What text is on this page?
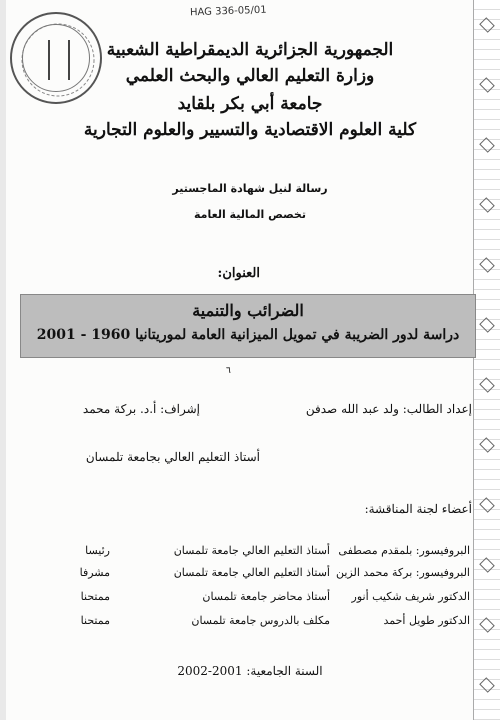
HAG 336-05/01
الجمهورية الجزائرية الديمقراطية الشعبية
وزارة التعليم العالي والبحث العلمي
جامعة أبي بكر بلقايد
كلية العلوم الاقتصادية والتسيير والعلوم التجارية
رسالة لنيل شهادة الماجستير
تخصص المالية العامة
العنوان:
الضرائب والتنمية
دراسة لدور الضريبة في تمويل الميزانية العامة لموريتانيا 1960 - 2001
٦
إعداد الطالب: ولد عبد الله صدفن
إشراف: أ.د. بركة محمد
أستاذ التعليم العالي بجامعة تلمسان
أعضاء لجنة المناقشة:
البروفيسور: بلمقدم مصطفى
أستاذ التعليم العالي جامعة تلمسان
رئيسا
البروفيسور: بركة محمد الزين
أستاذ التعليم العالي جامعة تلمسان
مشرفا
الدكتور شريف شكيب أنور
أستاذ محاضر جامعة تلمسان
ممتحنا
الدكتور طويل أحمد
مكلف بالدروس جامعة تلمسان
ممتحنا
السنة الجامعية: 2001-2002
